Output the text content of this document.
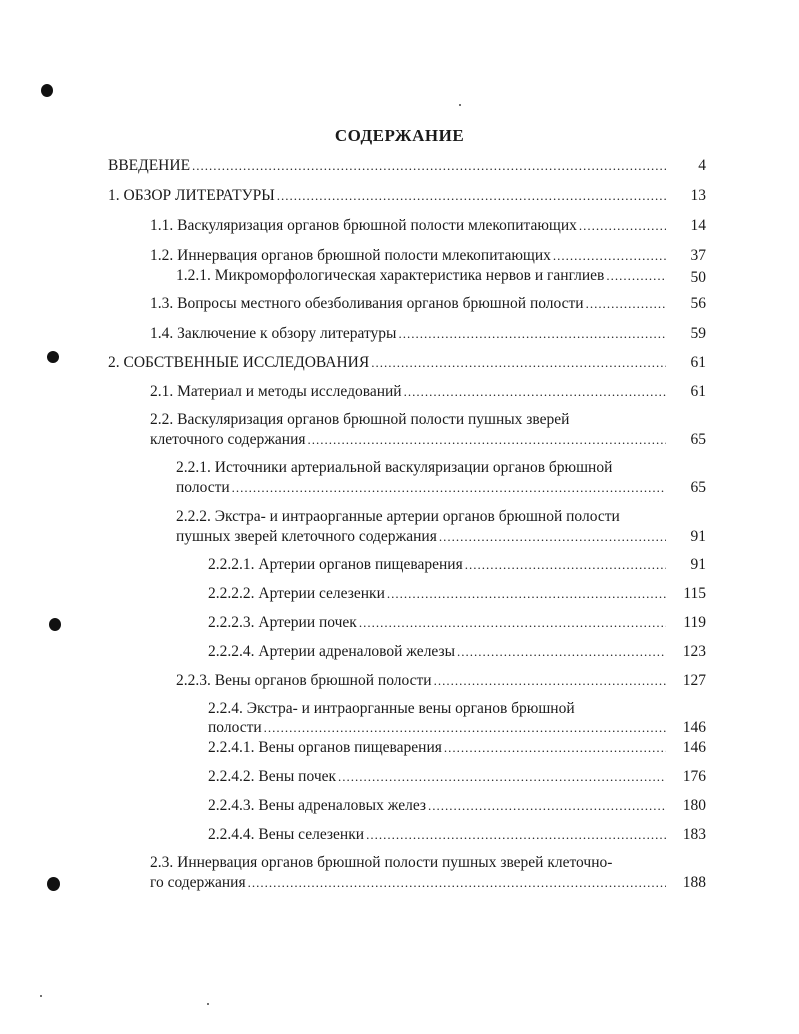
СОДЕРЖАНИЕ
ВВЕДЕНИЕ .....	4
1. ОБЗОР ЛИТЕРАТУРЫ .....	13
1.1. Васкуляризация органов брюшной полости млекопитающих .....	14
1.2. Иннервация органов брюшной полости млекопитающих .....	37
1.2.1. Микроморфологическая характеристика нервов и ганглиев .....	50
1.3. Вопросы местного обезболивания органов брюшной полости .....	56
1.4. Заключение к обзору литературы .....	59
2. СОБСТВЕННЫЕ ИССЛЕДОВАНИЯ .....	61
2.1. Материал и методы исследований .....	61
2.2. Васкуляризация органов брюшной полости пушных зверей
клеточного содержания .....	65
2.2.1. Источники артериальной васкуляризации органов брюшной
полости .....	65
2.2.2. Экстра- и интраорганные артерии органов брюшной полости
пушных зверей клеточного содержания .....	91
2.2.2.1. Артерии органов пищеварения .....	91
2.2.2.2. Артерии селезенки .....	115
2.2.2.3. Артерии почек .....	119
2.2.2.4. Артерии адреналовой железы .....	123
2.2.3. Вены органов брюшной полости .....	127
2.2.4. Экстра- и интраорганные вены органов брюшной
полости .....	146
2.2.4.1. Вены органов пищеварения .....	146
2.2.4.2. Вены почек .....	176
2.2.4.3. Вены адреналовых желез .....	180
2.2.4.4. Вены селезенки .....	183
2.3. Иннервация органов брюшной полости пушных зверей клеточно-
го содержания .....	188
